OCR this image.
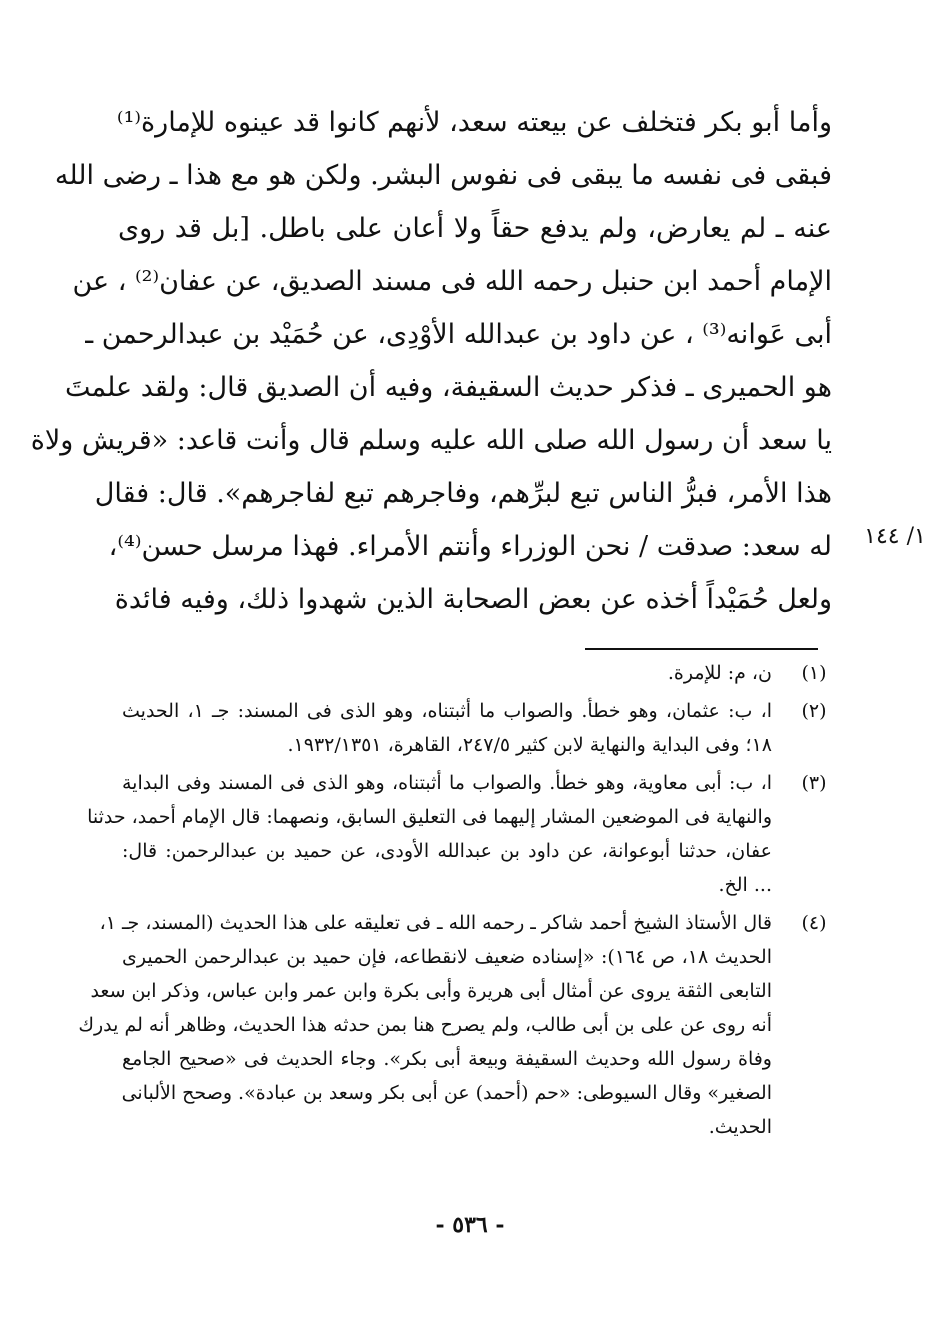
وأما أبو بكر فتخلف عن بيعته سعد، لأنهم كانوا قد عينوه للإمارة⁽¹⁾
فبقى فى نفسه ما يبقى فى نفوس البشر. ولكن هو مع هذا ـ رضى الله
عنه ـ لم يعارض، ولم يدفع حقاً ولا أعان على باطل. [بل قد روى
الإمام أحمد ابن حنبل رحمه الله فى مسند الصديق، عن عفان⁽²⁾ ، عن
أبى عَوانه⁽³⁾ ، عن داود بن عبدالله الأوْدِى، عن حُمَيْد بن عبدالرحمن ـ
هو الحميرى ـ فذكر حديث السقيفة، وفيه أن الصديق قال: ولقد علمتَ
يا سعد أن رسول الله صلى الله عليه وسلم قال وأنت قاعد: «قريش ولاة
هذا الأمر، فبرُّ الناس تبع لبرِّهم، وفاجرهم تبع لفاجرهم». قال: فقال
له سعد: صدقت / نحن الوزراء وأنتم الأمراء. فهذا مرسل حسن⁽⁴⁾،
ولعل حُمَيْداً أخذه عن بعض الصحابة الذين شهدوا ذلك، وفيه فائدة
١/ ١٤٤
(١)
ن، م: للإمرة.
(٢)
ا، ب: عثمان، وهو خطأ. والصواب ما أثبتناه، وهو الذى فى المسند: جـ ١، الحديث
١٨؛ وفى البداية والنهاية لابن كثير ٢٤٧/٥، القاهرة، ١٩٣٢/١٣٥١.
(٣)
ا، ب: أبى معاوية، وهو خطأ. والصواب ما أثبتناه، وهو الذى فى المسند وفى البداية
والنهاية فى الموضعين المشار إليهما فى التعليق السابق، ونصهما: قال الإمام أحمد، حدثنا
عفان، حدثنا أبوعوانة، عن داود بن عبدالله الأودى، عن حميد بن عبدالرحمن: قال:
... الخ.
(٤)
قال الأستاذ الشيخ أحمد شاكر ـ رحمه الله ـ فى تعليقه على هذا الحديث (المسند، جـ ١،
الحديث ١٨، ص ١٦٤): «إسناده ضعيف لانقطاعه، فإن حميد بن عبدالرحمن الحميرى
التابعى الثقة يروى عن أمثال أبى هريرة وأبى بكرة وابن عمر وابن عباس، وذكر ابن سعد
أنه روى عن على بن أبى طالب، ولم يصرح هنا بمن حدثه هذا الحديث، وظاهر أنه لم يدرك
وفاة رسول الله وحديث السقيفة وبيعة أبى بكر». وجاء الحديث فى «صحيح الجامع
الصغير» وقال السيوطى: «حم (أحمد) عن أبى بكر وسعد بن عبادة». وصحح الألبانى
الحديث.
- ٥٣٦ -
